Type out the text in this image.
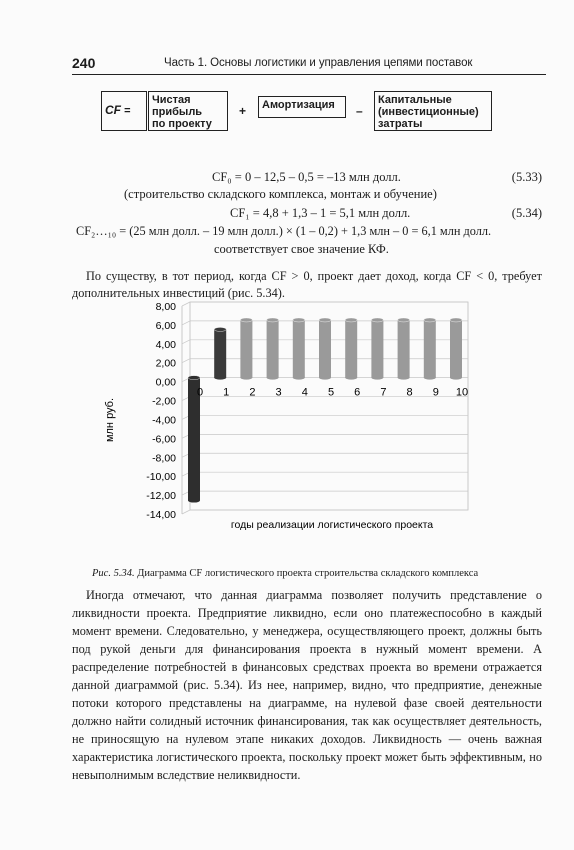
240	Часть 1. Основы логистики и управления цепями поставок
CF =
Чистая
прибыль
по проекту
+	Амортизация	–
Капитальные
(инвестиционные)
затраты
CF₀ = 0 – 12,5 – 0,5 = –13 млн долл.	(5.33)
(строительство складского комплекса, монтаж и обучение)
CF₁ = 4,8 + 1,3 – 1 = 5,1 млн долл.	(5.34)
CF₂…₁₀ = (25 млн долл. – 19 млн долл.) × (1 – 0,2) + 1,3 млн – 0 = 6,1 млн долл.
соответствует свое значение КФ.
По существу, в тот период, когда CF > 0, проект дает доход, когда CF < 0, требует дополнительных инвестиций (рис. 5.34).
8,00
6,00
4,00
2,00
0,00
-2,00
-4,00
-6,00
-8,00
-10,00
-12,00
-14,00
0 1 2 3 4 5 6 7 8 9 10
млн руб.
годы реализации логистического проекта
Рис. 5.34. Диаграмма CF логистического проекта строительства складского комплекса
Иногда отмечают, что данная диаграмма позволяет получить представление о ликвидности проекта. Предприятие ликвидно, если оно платежеспособно в каждый момент времени. Следовательно, у менеджера, осуществляющего проект, должны быть под рукой деньги для финансирования проекта в нужный момент времени. А распределение потребностей в финансовых средствах проекта во времени отражается данной диаграммой (рис. 5.34). Из нее, например, видно, что предприятие, денежные потоки которого представлены на диаграмме, на нулевой фазе своей деятельности должно найти солидный источник финансирования, так как осуществляет деятельность, не приносящую на нулевом этапе никаких доходов. Ликвидность — очень важная характеристика логистического проекта, поскольку проект может быть эффективным, но невыполнимым вследствие неликвидности.
